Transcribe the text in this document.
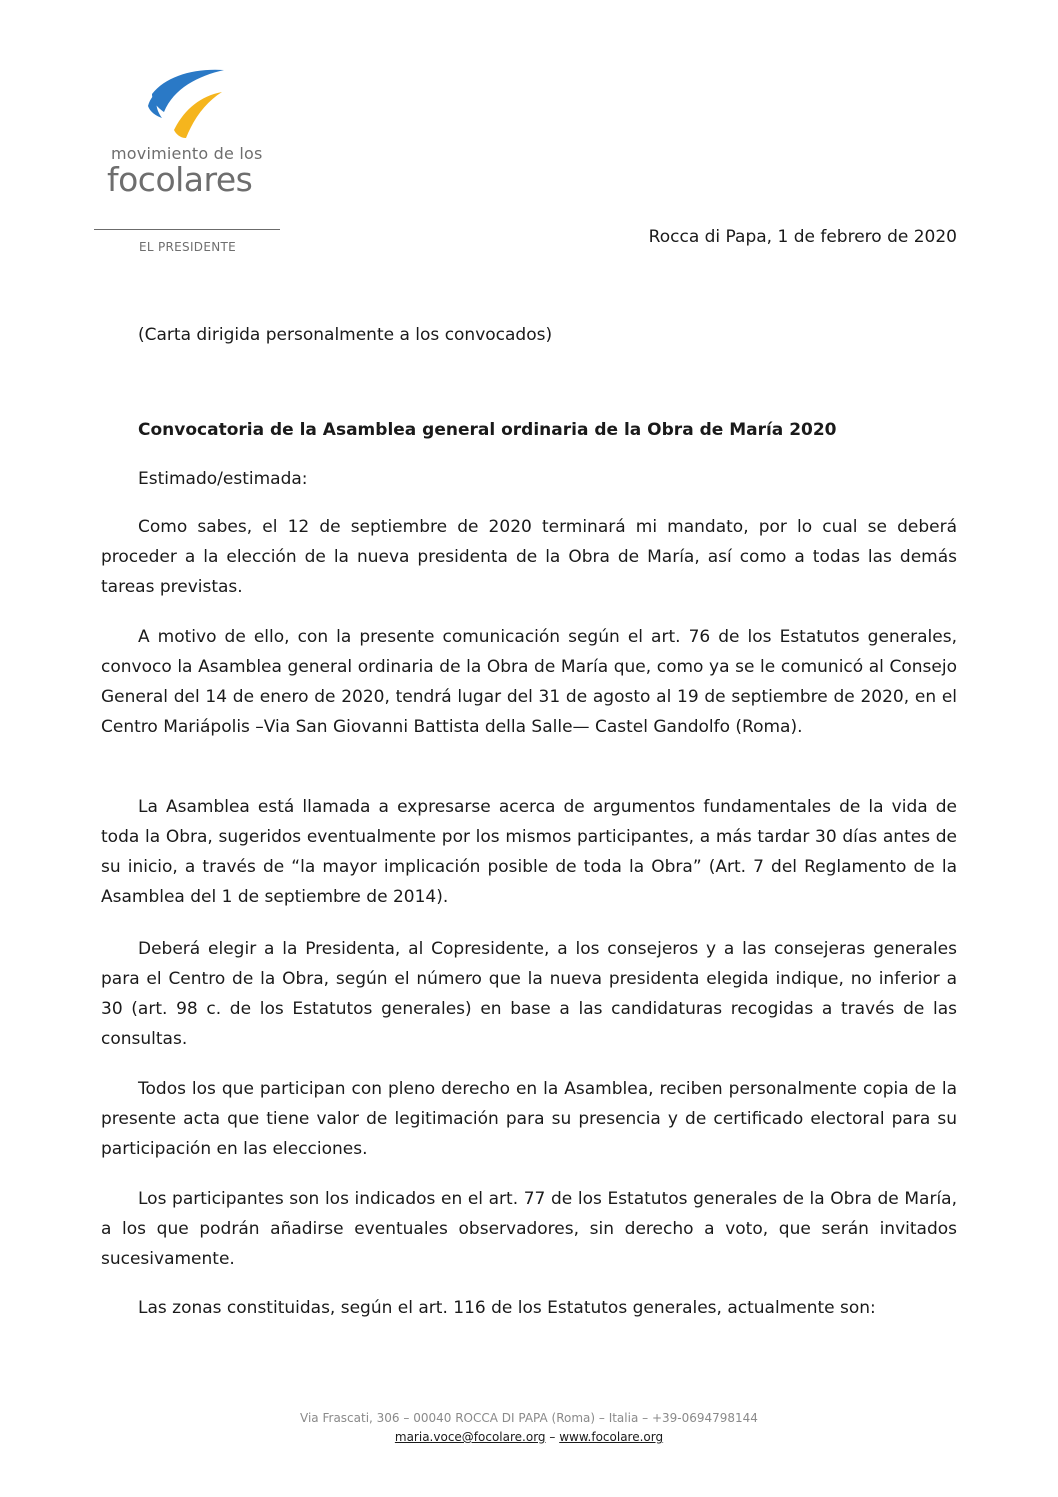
movimiento de los
focolares
EL PRESIDENTE	Rocca di Papa, 1 de febrero de 2020

(Carta dirigida personalmente a los convocados)

Convocatoria de la Asamblea general ordinaria de la Obra de María 2020

Estimado/estimada:

Como sabes, el 12 de septiembre de 2020 terminará mi mandato, por lo cual se deberá proceder a la elección de la nueva presidenta de la Obra de María, así como a todas las demás tareas previstas.

A motivo de ello, con la presente comunicación según el art. 76 de los Estatutos generales, convoco la Asamblea general ordinaria de la Obra de María que, como ya se le comunicó al Consejo General del 14 de enero de 2020, tendrá lugar del 31 de agosto al 19 de septiembre de 2020, en el Centro Mariápolis –Via San Giovanni Battista della Salle— Castel Gandolfo (Roma).

La Asamblea está llamada a expresarse acerca de argumentos fundamentales de la vida de toda la Obra, sugeridos eventualmente por los mismos participantes, a más tardar 30 días antes de su inicio, a través de “la mayor implicación posible de toda la Obra” (Art. 7 del Reglamento de la Asamblea del 1 de septiembre de 2014).

Deberá elegir a la Presidenta, al Copresidente, a los consejeros y a las consejeras generales para el Centro de la Obra, según el número que la nueva presidenta elegida indique, no inferior a 30 (art. 98 c. de los Estatutos generales) en base a las candidaturas recogidas a través de las consultas.

Todos los que participan con pleno derecho en la Asamblea, reciben personalmente copia de la presente acta que tiene valor de legitimación para su presencia y de certificado electoral para su participación en las elecciones.

Los participantes son los indicados en el art. 77 de los Estatutos generales de la Obra de María, a los que podrán añadirse eventuales observadores, sin derecho a voto, que serán invitados sucesivamente.

Las zonas constituidas, según el art. 116 de los Estatutos generales, actualmente son:

Via Frascati, 306 – 00040 ROCCA DI PAPA (Roma) – Italia – +39-0694798144
maria.voce@focolare.org – www.focolare.org
